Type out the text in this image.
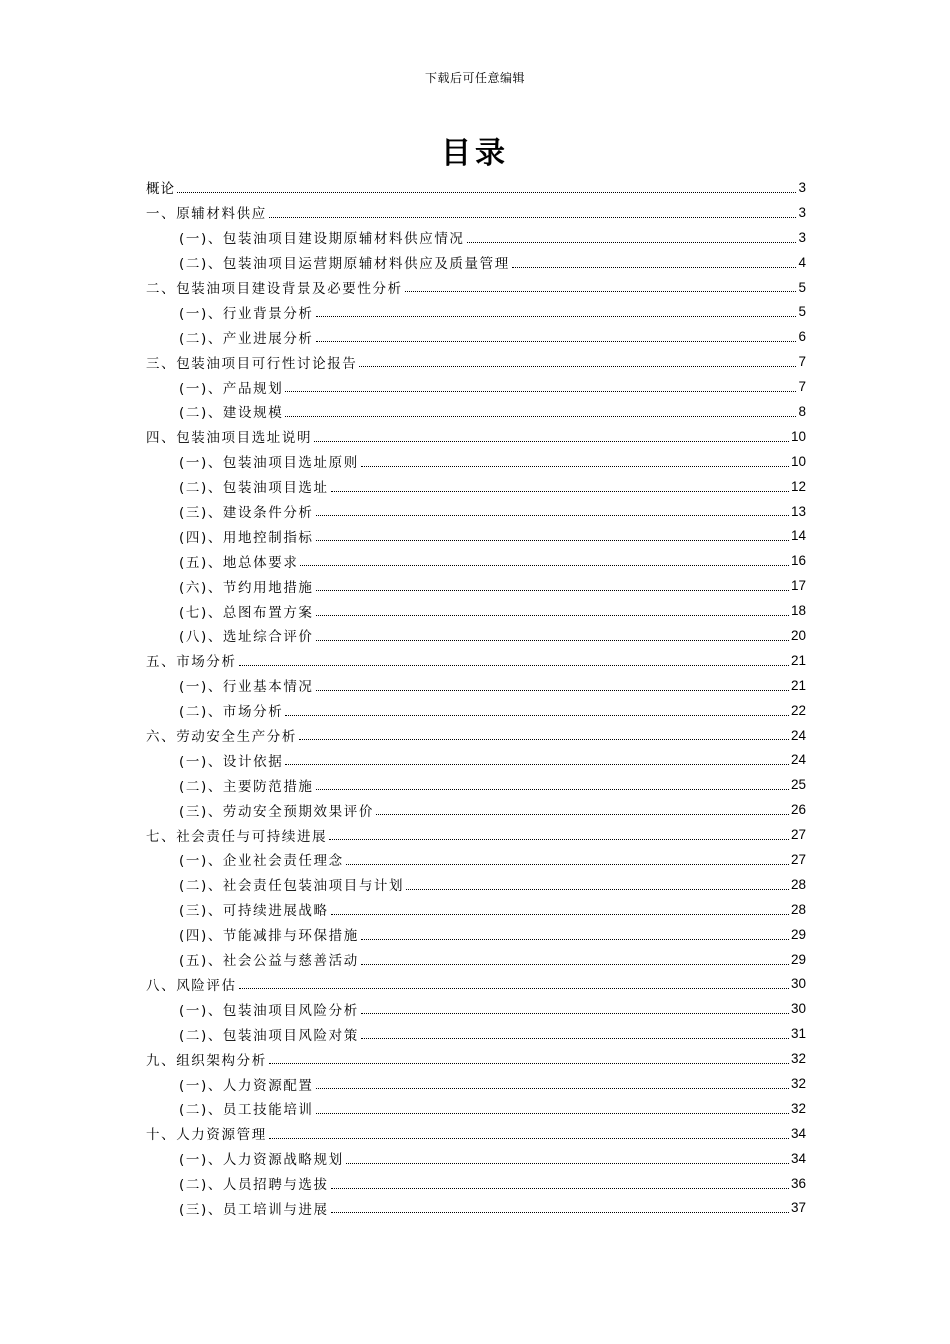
下载后可任意编辑
目录
概论	3
一、原辅材料供应	3
(一)、包装油项目建设期原辅材料供应情况	3
(二)、包装油项目运营期原辅材料供应及质量管理	4
二、包装油项目建设背景及必要性分析	5
(一)、行业背景分析	5
(二)、产业进展分析	6
三、包装油项目可行性讨论报告	7
(一)、产品规划	7
(二)、建设规模	8
四、包装油项目选址说明	10
(一)、包装油项目选址原则	10
(二)、包装油项目选址	12
(三)、建设条件分析	13
(四)、用地控制指标	14
(五)、地总体要求	16
(六)、节约用地措施	17
(七)、总图布置方案	18
(八)、选址综合评价	20
五、市场分析	21
(一)、行业基本情况	21
(二)、市场分析	22
六、劳动安全生产分析	24
(一)、设计依据	24
(二)、主要防范措施	25
(三)、劳动安全预期效果评价	26
七、社会责任与可持续进展	27
(一)、企业社会责任理念	27
(二)、社会责任包装油项目与计划	28
(三)、可持续进展战略	28
(四)、节能减排与环保措施	29
(五)、社会公益与慈善活动	29
八、风险评估	30
(一)、包装油项目风险分析	30
(二)、包装油项目风险对策	31
九、组织架构分析	32
(一)、人力资源配置	32
(二)、员工技能培训	32
十、人力资源管理	34
(一)、人力资源战略规划	34
(二)、人员招聘与选拔	36
(三)、员工培训与进展	37
